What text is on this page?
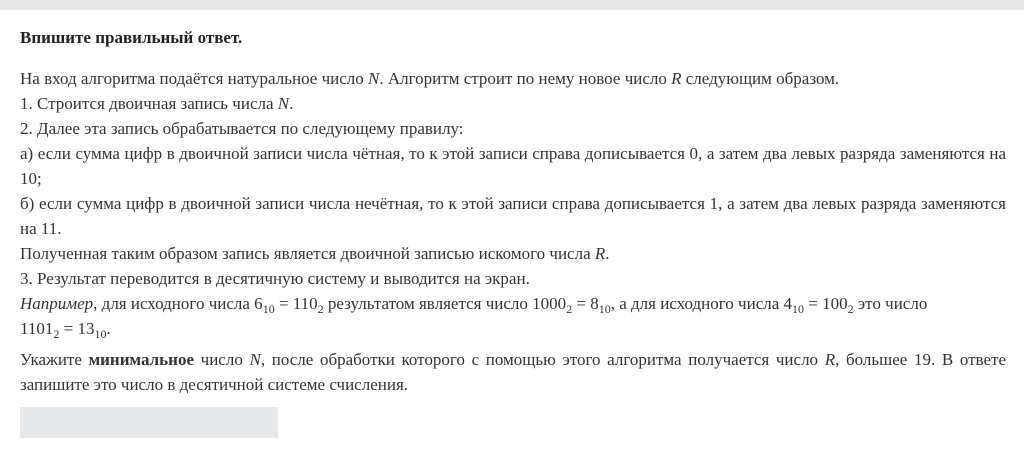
Впишите правильный ответ.
На вход алгоритма подаётся натуральное число N. Алгоритм строит по нему новое число R следующим образом.
1. Строится двоичная запись числа N.
2. Далее эта запись обрабатывается по следующему правилу:
а) если сумма цифр в двоичной записи числа чётная, то к этой записи справа дописывается 0, а затем два левых разряда заменяются на 10;
б) если сумма цифр в двоичной записи числа нечётная, то к этой записи справа дописывается 1, а затем два левых разряда заменяются на 11.
Полученная таким образом запись является двоичной записью искомого числа R.
3. Результат переводится в десятичную систему и выводится на экран.
Например, для исходного числа $6_{10} = 110_2$ результатом является число $1000_2 = 8_{10}$, а для исходного числа $4_{10} = 100_2$ это число
$1101_2 = 13_{10}$.
Укажите минимальное число N, после обработки которого с помощью этого алгоритма получается число R, большее 19. В ответе запишите это число в десятичной системе счисления.
